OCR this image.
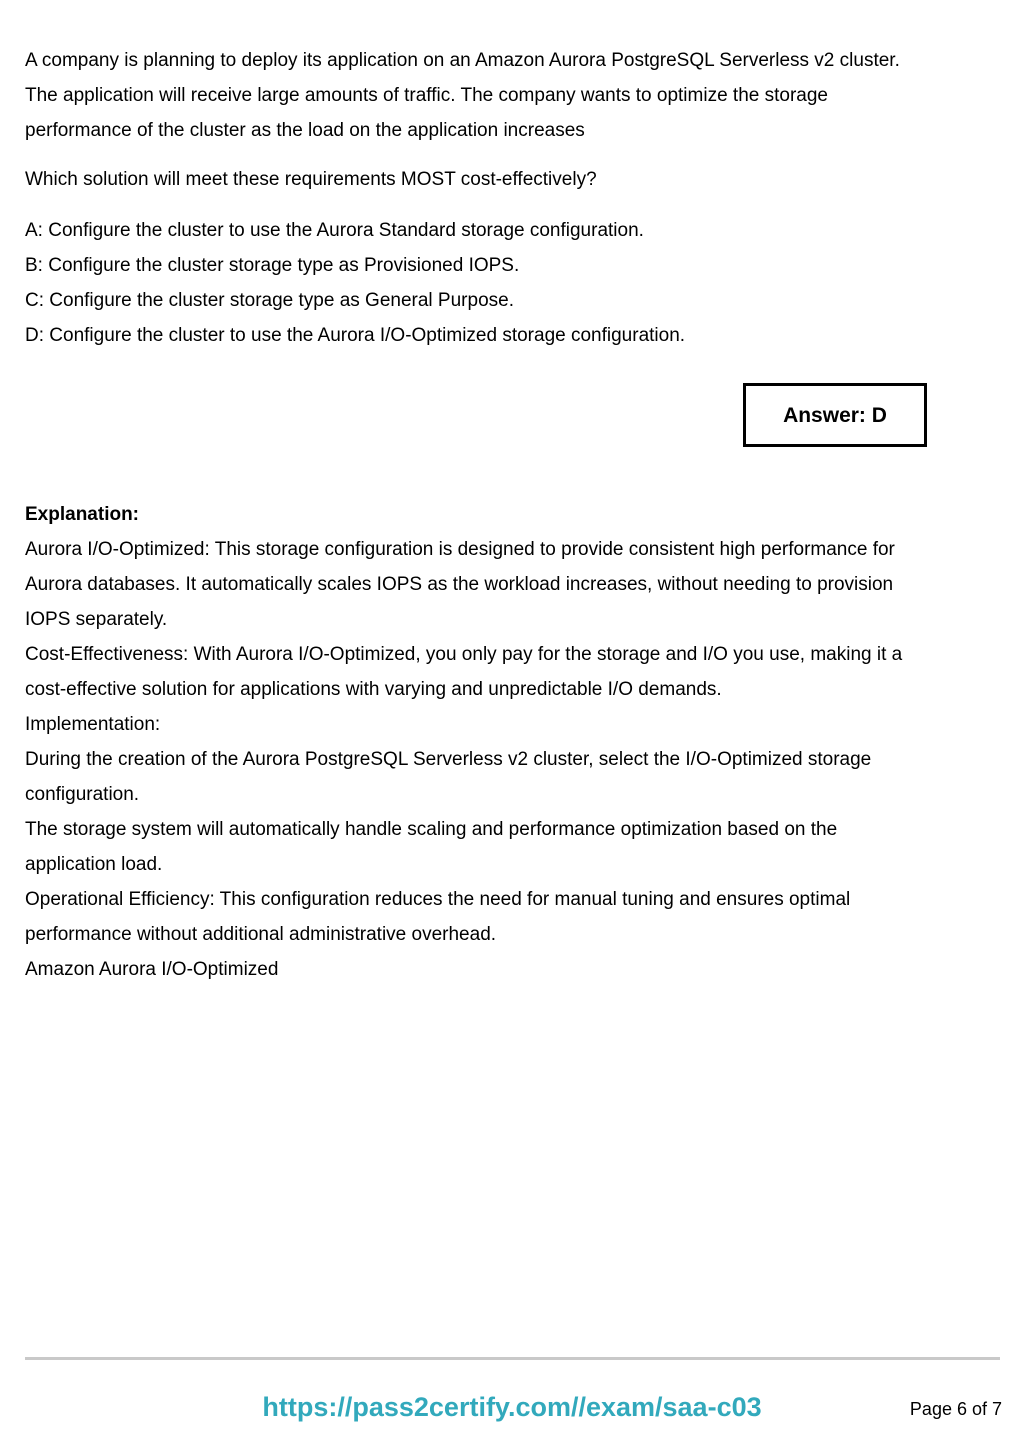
A company is planning to deploy its application on an Amazon Aurora PostgreSQL Serverless v2 cluster.
The application will receive large amounts of traffic. The company wants to optimize the storage
performance of the cluster as the load on the application increases
Which solution will meet these requirements MOST cost-effectively?
A: Configure the cluster to use the Aurora Standard storage configuration.
B: Configure the cluster storage type as Provisioned IOPS.
C: Configure the cluster storage type as General Purpose.
D: Configure the cluster to use the Aurora I/O-Optimized storage configuration.
Answer: D
Explanation:
Aurora I/O-Optimized: This storage configuration is designed to provide consistent high performance for
Aurora databases. It automatically scales IOPS as the workload increases, without needing to provision
IOPS separately.
Cost-Effectiveness: With Aurora I/O-Optimized, you only pay for the storage and I/O you use, making it a
cost-effective solution for applications with varying and unpredictable I/O demands.
Implementation:
During the creation of the Aurora PostgreSQL Serverless v2 cluster, select the I/O-Optimized storage
configuration.
The storage system will automatically handle scaling and performance optimization based on the
application load.
Operational Efficiency: This configuration reduces the need for manual tuning and ensures optimal
performance without additional administrative overhead.
Amazon Aurora I/O-Optimized
https://pass2certify.com//exam/saa-c03	Page 6 of 7
